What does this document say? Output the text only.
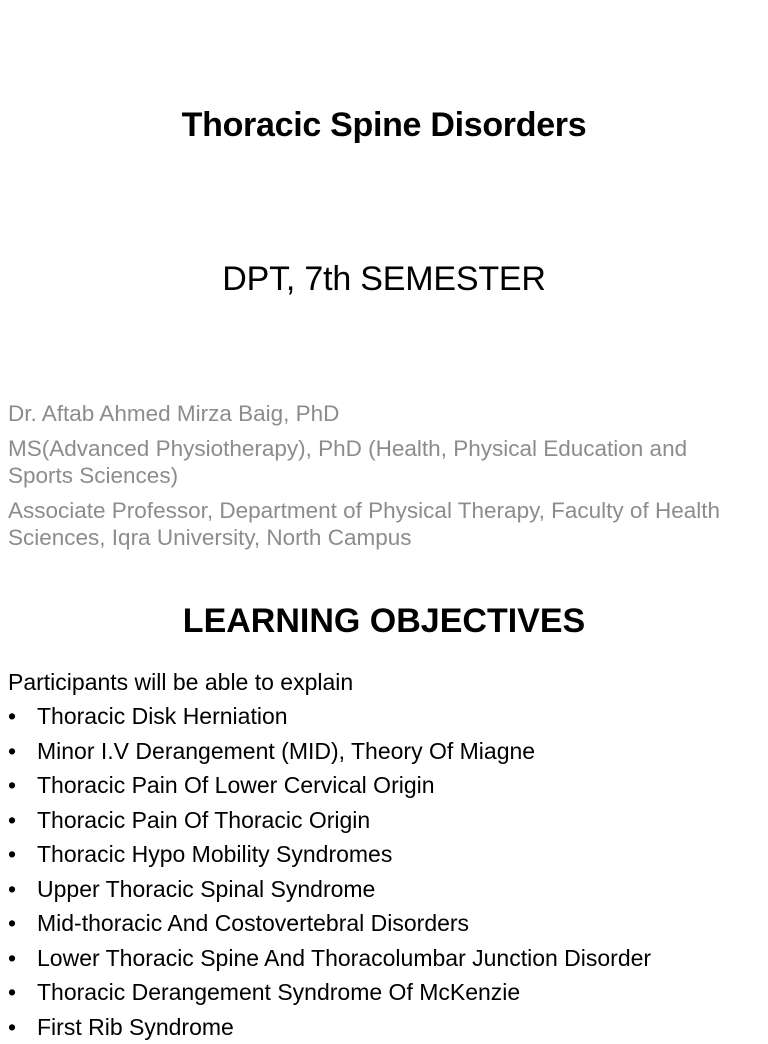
Thoracic Spine Disorders
DPT, 7th SEMESTER

Dr. Aftab Ahmed Mirza Baig, PhD

MS(Advanced Physiotherapy), PhD (Health, Physical Education and Sports Sciences)

Associate Professor, Department of Physical Therapy, Faculty of Health Sciences, Iqra University, North Campus

LEARNING OBJECTIVES
Participants will be able to explain
• Thoracic Disk Herniation
• Minor I.V Derangement (MID), Theory Of Miagne
• Thoracic Pain Of Lower Cervical Origin
• Thoracic Pain Of Thoracic Origin
• Thoracic Hypo Mobility Syndromes
• Upper Thoracic Spinal Syndrome
• Mid-thoracic And Costovertebral Disorders
• Lower Thoracic Spine And Thoracolumbar Junction Disorder
• Thoracic Derangement Syndrome Of McKenzie
• First Rib Syndrome
